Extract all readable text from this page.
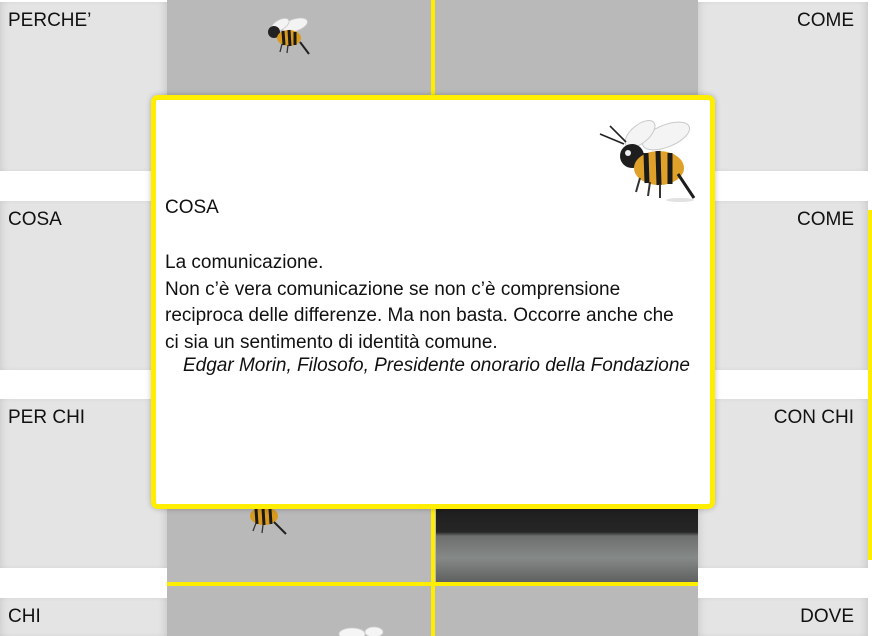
PERCHE’
COSA
PER CHI
CHI
COME
COME
CON CHI
DOVE
COSA
La comunicazione.
Non c’è vera comunicazione se non c’è comprensione reciproca delle differenze. Ma non basta. Occorre anche che ci sia un sentimento di identità comune.
Edgar Morin, Filosofo, Presidente onorario della Fondazione
